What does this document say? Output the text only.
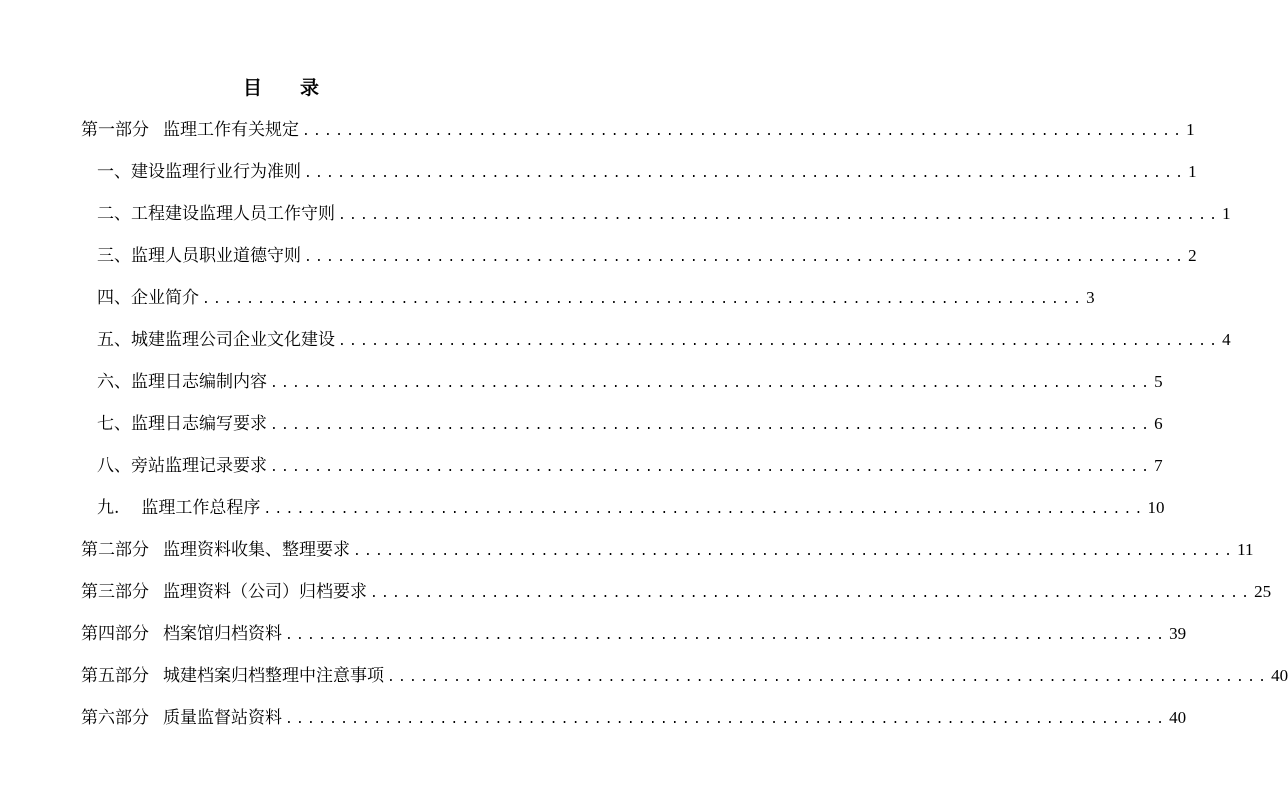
目 录
第一部分 监理工作有关规定 ................................................................................ 1
一、建设监理行业行为准则 ................................................................................ 1
二、工程建设监理人员工作守则 ................................................................................ 1
三、监理人员职业道德守则 ................................................................................ 2
四、企业简介 ................................................................................ 3
五、城建监理公司企业文化建设 ................................................................................ 4
六、监理日志编制内容 ................................................................................ 5
七、监理日志编写要求 ................................................................................ 6
八、旁站监理记录要求 ................................................................................ 7
九. 监理工作总程序 ................................................................................ 10
第二部分 监理资料收集、整理要求 ................................................................................ 11
第三部分 监理资料（公司）归档要求 ................................................................................ 25
第四部分 档案馆归档资料 ................................................................................ 39
第五部分 城建档案归档整理中注意事项 ................................................................................ 40
第六部分 质量监督站资料 ................................................................................ 40
